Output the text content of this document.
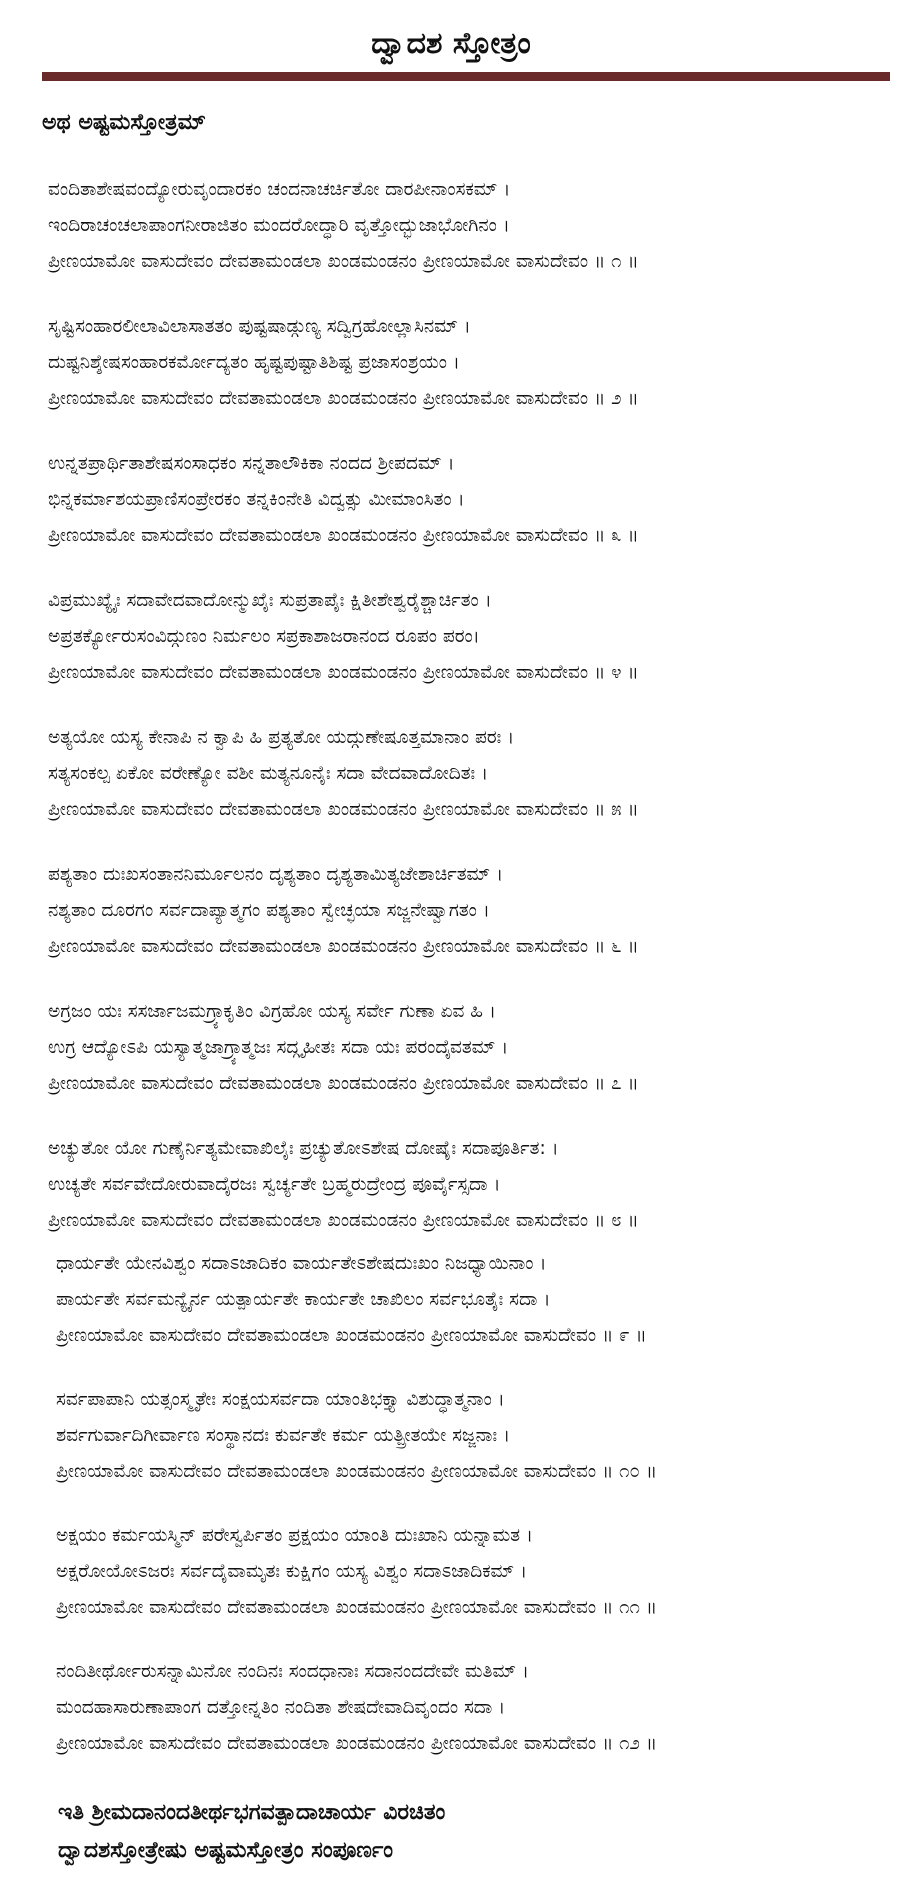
ದ್ವಾದಶ ಸ್ತೋತ್ರಂ
ಅಥ ಅಷ್ಟಮಸ್ತೋತ್ರಮ್
ವಂದಿತಾಶೇಷವಂದ್ಯೋರುವೃಂದಾರಕಂ ಚಂದನಾಚರ್ಚಿತೋ ದಾರಪೀನಾಂಸಕಮ್ ।
ಇಂದಿರಾಚಂಚಲಾಪಾಂಗನೀರಾಜಿತಂ ಮಂದರೋದ್ಧಾರಿ ವೃತ್ತೋದ್ಭುಜಾಭೋಗಿನಂ ।
ಪ್ರೀಣಯಾಮೋ ವಾಸುದೇವಂ ದೇವತಾಮಂಡಲಾ ಖಂಡಮಂಡನಂ ಪ್ರೀಣಯಾಮೋ ವಾಸುದೇವಂ ॥ ೧ ॥
ಸೃಷ್ಟಿಸಂಹಾರಲೀಲಾವಿಲಾಸಾತತಂ ಪುಷ್ಟಷಾಡ್ಗುಣ್ಯ ಸದ್ವಿಗ್ರಹೋಲ್ಲಾಸಿನಮ್ ।
ದುಷ್ಟನಿಶ್ಶೇಷಸಂಹಾರಕರ್ಮೋದ್ಯತಂ ಹೃಷ್ಟಪುಷ್ಟಾತಿಶಿಷ್ಟ ಪ್ರಜಾಸಂಶ್ರಯಂ ।
ಪ್ರೀಣಯಾಮೋ ವಾಸುದೇವಂ ದೇವತಾಮಂಡಲಾ ಖಂಡಮಂಡನಂ ಪ್ರೀಣಯಾಮೋ ವಾಸುದೇವಂ ॥ ೨ ॥
ಉನ್ನತಪ್ರಾರ್ಥಿತಾಶೇಷಸಂಸಾಧಕಂ ಸನ್ನತಾಲೌಕಿಕಾ ನಂದದ ಶ್ರೀಪದಮ್ ।
ಭಿನ್ನಕರ್ಮಾಶಯಪ್ರಾಣಿಸಂಪ್ರೇರಕಂ ತನ್ನಕಿಂನೇತಿ ವಿದ್ವತ್ಸು ಮೀಮಾಂಸಿತಂ ।
ಪ್ರೀಣಯಾಮೋ ವಾಸುದೇವಂ ದೇವತಾಮಂಡಲಾ ಖಂಡಮಂಡನಂ ಪ್ರೀಣಯಾಮೋ ವಾಸುದೇವಂ ॥ ೩ ॥
ವಿಪ್ರಮುಖ್ಯೈಃ ಸದಾವೇದವಾದೋನ್ಮುಖೈಃ ಸುಪ್ರತಾಪೈಃ ಕ್ಷಿತೀಶೇಶ್ವರೈಶ್ಚಾರ್ಚಿತಂ ।
ಅಪ್ರತರ್ಕ್ಯೋರುಸಂವಿದ್ಗುಣಂ ನಿರ್ಮಲಂ ಸಪ್ರಕಾಶಾಜರಾನಂದ ರೂಪಂ ಪರಂ।
ಪ್ರೀಣಯಾಮೋ ವಾಸುದೇವಂ ದೇವತಾಮಂಡಲಾ ಖಂಡಮಂಡನಂ ಪ್ರೀಣಯಾಮೋ ವಾಸುದೇವಂ ॥ ೪ ॥
ಅತ್ಯಯೋ ಯಸ್ಯ ಕೇನಾಪಿ ನ ಕ್ವಾಪಿ ಹಿ ಪ್ರತ್ಯತೋ ಯದ್ಗುಣೇಷೂತ್ತಮಾನಾಂ ಪರಃ ।
ಸತ್ಯಸಂಕಲ್ಪ ಏಕೋ ವರೇಣ್ಯೋ ವಶೀ ಮತ್ಯನೂನೈಃ ಸದಾ ವೇದವಾದೋದಿತಃ ।
ಪ್ರೀಣಯಾಮೋ ವಾಸುದೇವಂ ದೇವತಾಮಂಡಲಾ ಖಂಡಮಂಡನಂ ಪ್ರೀಣಯಾಮೋ ವಾಸುದೇವಂ ॥ ೫ ॥
ಪಶ್ಯತಾಂ ದುಃಖಸಂತಾನನಿರ್ಮೂಲನಂ ದೃಶ್ಯತಾಂ ದೃಶ್ಯತಾಮಿತ್ಯಜೇಶಾರ್ಚಿತಮ್ ।
ನಶ್ಯತಾಂ ದೂರಗಂ ಸರ್ವದಾಪ್ಯಾತ್ಮಗಂ ಪಶ್ಯತಾಂ ಸ್ವೇಚ್ಛಯಾ ಸಜ್ಜನೇಷ್ವಾಗತಂ ।
ಪ್ರೀಣಯಾಮೋ ವಾಸುದೇವಂ ದೇವತಾಮಂಡಲಾ ಖಂಡಮಂಡನಂ ಪ್ರೀಣಯಾಮೋ ವಾಸುದೇವಂ ॥ ೬ ॥
ಅಗ್ರಜಂ ಯಃ ಸಸರ್ಜಾಜಮಗ್ರ್ಯಾಕೃತಿಂ ವಿಗ್ರಹೋ ಯಸ್ಯ ಸರ್ವೇ ಗುಣಾ ಏವ ಹಿ ।
ಉಗ್ರ ಆದ್ಯೋಽಪಿ ಯಸ್ಯಾತ್ಮಜಾಗ್ರ್ಯಾತ್ಮಜಃ ಸದ್ಗೃಹೀತಃ ಸದಾ ಯಃ ಪರಂದೈವತಮ್ ।
ಪ್ರೀಣಯಾಮೋ ವಾಸುದೇವಂ ದೇವತಾಮಂಡಲಾ ಖಂಡಮಂಡನಂ ಪ್ರೀಣಯಾಮೋ ವಾಸುದೇವಂ ॥ ೭ ॥
ಅಚ್ಯುತೋ ಯೋ ಗುಣೈರ್ನಿತ್ಯಮೇವಾಖಿಲೈಃ ಪ್ರಚ್ಯುತೋಽಶೇಷ ದೋಷೈಃ ಸದಾಪೂರ್ತಿತ: ।
ಉಚ್ಯತೇ ಸರ್ವವೇದೋರುವಾದೈರಜಃ ಸ್ವರ್ಚ್ಯತೇ ಬ್ರಹ್ಮರುದ್ರೇಂದ್ರ ಪೂರ್ವೈಸ್ಸದಾ ।
ಪ್ರೀಣಯಾಮೋ ವಾಸುದೇವಂ ದೇವತಾಮಂಡಲಾ ಖಂಡಮಂಡನಂ ಪ್ರೀಣಯಾಮೋ ವಾಸುದೇವಂ ॥ ೮ ॥
ಧಾರ್ಯತೇ ಯೇನವಿಶ್ವಂ ಸದಾಽಜಾದಿಕಂ ವಾರ್ಯತೇಽಶೇಷದುಃಖಂ ನಿಜಧ್ಯಾಯಿನಾಂ ।
ಪಾರ್ಯತೇ ಸರ್ವಮನ್ಯೈರ್ನ ಯತ್ಪಾರ್ಯತೇ ಕಾರ್ಯತೇ ಚಾಖಿಲಂ ಸರ್ವಭೂತೈಃ ಸದಾ ।
ಪ್ರೀಣಯಾಮೋ ವಾಸುದೇವಂ ದೇವತಾಮಂಡಲಾ ಖಂಡಮಂಡನಂ ಪ್ರೀಣಯಾಮೋ ವಾಸುದೇವಂ ॥ ೯ ॥
ಸರ್ವಪಾಪಾನಿ ಯತ್ಸಂಸ್ಮೃತೇಃ ಸಂಕ್ಷಯಸರ್ವದಾ ಯಾಂತಿಭಕ್ತ್ಯಾ ವಿಶುದ್ಧಾತ್ಮನಾಂ ।
ಶರ್ವಗುರ್ವಾದಿಗೀರ್ವಾಣ ಸಂಸ್ಥಾನದಃ ಕುರ್ವತೇ ಕರ್ಮ ಯತ್ಪ್ರೀತಯೇ ಸಜ್ಜನಾಃ ।
ಪ್ರೀಣಯಾಮೋ ವಾಸುದೇವಂ ದೇವತಾಮಂಡಲಾ ಖಂಡಮಂಡನಂ ಪ್ರೀಣಯಾಮೋ ವಾಸುದೇವಂ ॥ ೧೦ ॥
ಅಕ್ಷಯಂ ಕರ್ಮಯಸ್ಮಿನ್ ಪರೇಸ್ವರ್ಪಿತಂ ಪ್ರಕ್ಷಯಂ ಯಾಂತಿ ದುಃಖಾನಿ ಯನ್ನಾಮತ ।
ಅಕ್ಷರೋಯೋಽಜರಃ ಸರ್ವದೈವಾಮೃತಃ ಕುಕ್ಷಿಗಂ ಯಸ್ಯ ವಿಶ್ವಂ ಸದಾಽಜಾದಿಕಮ್ ।
ಪ್ರೀಣಯಾಮೋ ವಾಸುದೇವಂ ದೇವತಾಮಂಡಲಾ ಖಂಡಮಂಡನಂ ಪ್ರೀಣಯಾಮೋ ವಾಸುದೇವಂ ॥ ೧೧ ॥
ನಂದಿತೀರ್ಥೋರುಸನ್ನಾಮಿನೋ ನಂದಿನಃ ಸಂದಧಾನಾಃ ಸದಾನಂದದೇವೇ ಮತಿಮ್ ।
ಮಂದಹಾಸಾರುಣಾಪಾಂಗ ದತ್ತೋನ್ನತಿಂ ನಂದಿತಾ ಶೇಷದೇವಾದಿವೃಂದಂ ಸದಾ ।
ಪ್ರೀಣಯಾಮೋ ವಾಸುದೇವಂ ದೇವತಾಮಂಡಲಾ ಖಂಡಮಂಡನಂ ಪ್ರೀಣಯಾಮೋ ವಾಸುದೇವಂ ॥ ೧೨ ॥
ಇತಿ ಶ್ರೀಮದಾನಂದತೀರ್ಥಭಗವತ್ಪಾದಾಚಾರ್ಯ ವಿರಚಿತಂ
ದ್ವಾದಶಸ್ತೋತ್ರೇಷು ಅಷ್ಟಮಸ್ತೋತ್ರಂ ಸಂಪೂರ್ಣಂ
